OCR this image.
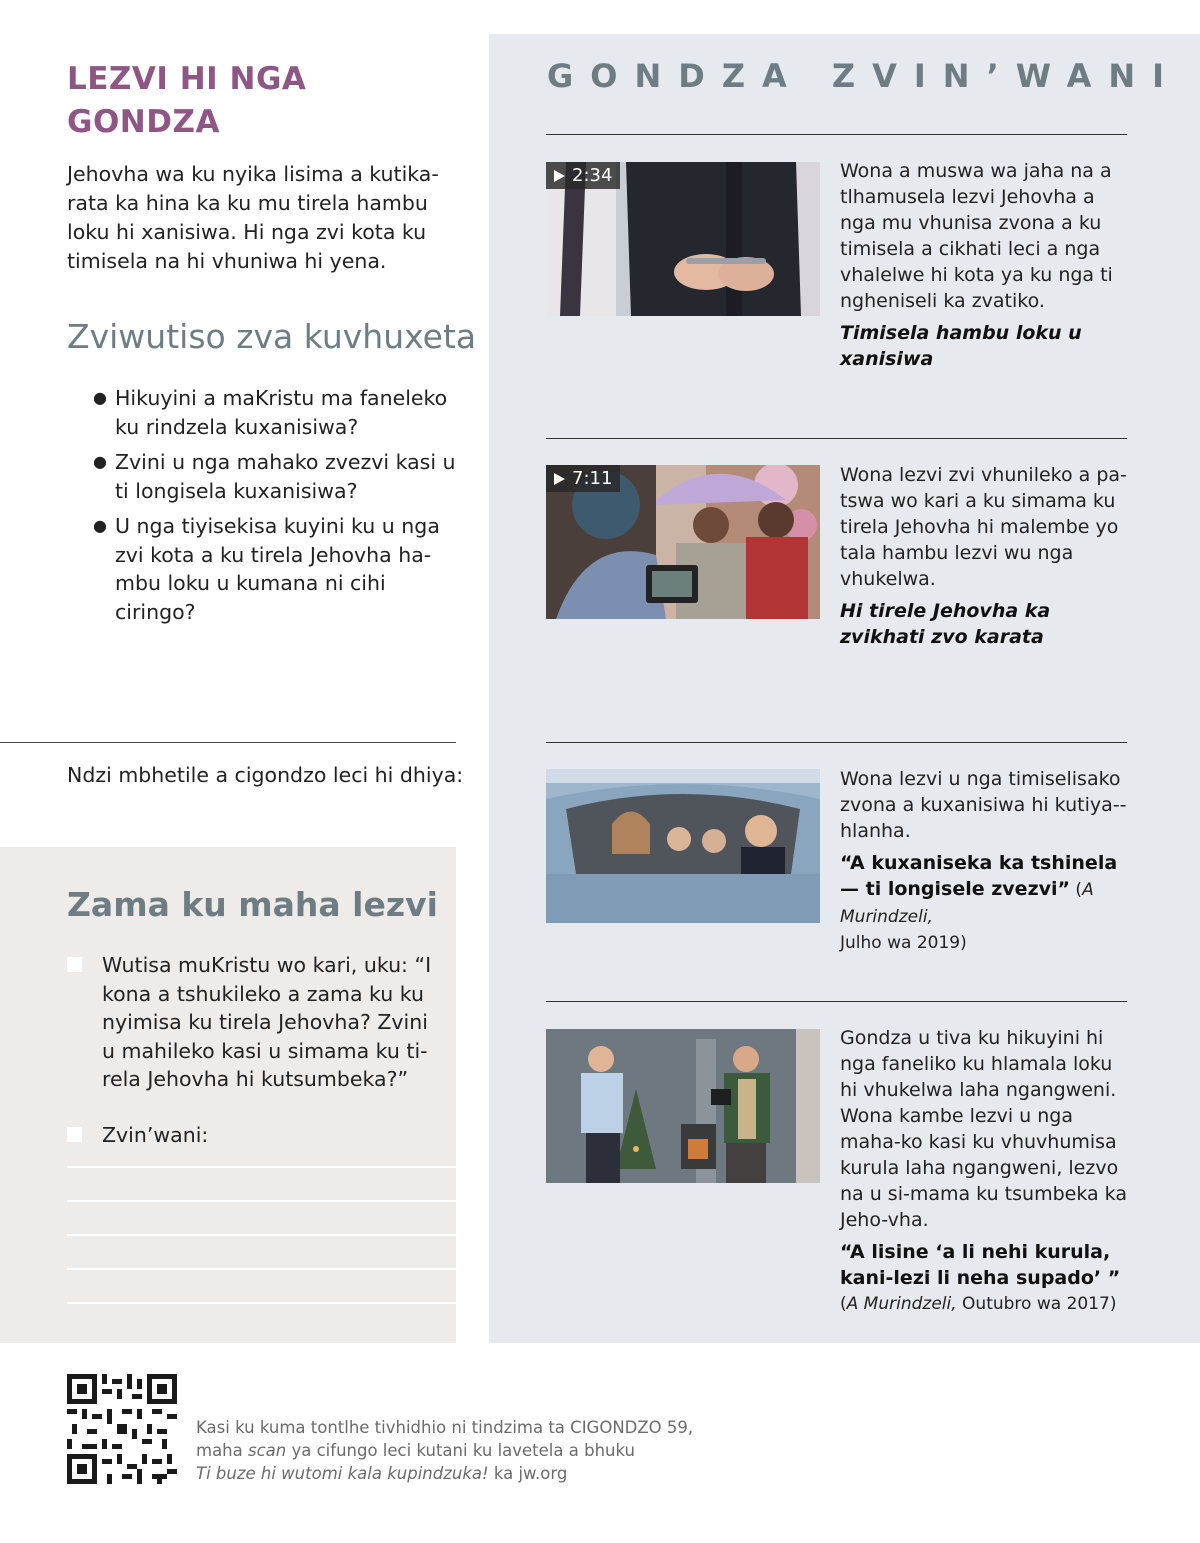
LEZVI HI NGA GONDZA

Jehovha wa ku nyika lisima a kutika-rata ka hina ka ku mu tirela hambu loku hi xanisiwa. Hi nga zvi kota ku timisela na hi vhuniwa hi yena.

Zviwutiso zva kuvhuxeta
● Hikuyini a maKristu ma faneleko ku rindzela kuxanisiwa?
● Zvini u nga mahako zvezvi kasi u ti longisela kuxanisiwa?
● U nga tiyisekisa kuyini ku u nga zvi kota a ku tirela Jehovha ha-mbu loku u kumana ni cihi ciringo?

Ndzi mbhetile a cigondzo leci hi dhiya:

Zama ku maha lezvi

Wutisa muKristu wo kari, uku: “I kona a tshukileko a zama ku ku nyimisa ku tirela Jehovha? Zvini u mahileko kasi u simama ku ti-rela Jehovha hi kutsumbeka?”

Zvin’wani:

GONDZA ZVIN’WANI
2:34	Wona a muswa wa jaha na a tlhamusela lezvi Jehovha a nga mu vhunisa zvona a ku timisela a cikhati leci a nga vhalelwe hi kota ya ku nga ti ngheniseli ka zvatiko.

Timisela hambu loku u xanisiwa

7:11	Wona lezvi zvi vhunileko a pa-tswa wo kari a ku simama ku tirela Jehovha hi malembe yo tala hambu lezvi wu nga vhukelwa.

Hi tirele Jehovha ka zvikhati zvo karata

Wona lezvi u nga timiselisako zvona a kuxanisiwa hi kutiya--hlanha.

“A kuxaniseka ka tshinela — ti longisele zvezvi” (A Murindzeli,

Julho wa 2019)

Gondza u tiva ku hikuyini hi nga faneliko ku hlamala loku hi vhukelwa laha ngangweni. Wona kambe lezvi u nga maha-ko kasi ku vhuvhumisa kurula laha ngangweni, lezvo na u si-mama ku tsumbeka ka Jeho-vha.

“A lisine ‘a li nehi kurula, kani-lezi li neha supado’ ”

(A Murindzeli, Outubro wa 2017)

Kasi ku kuma tontlhe tivhidhio ni tindzima ta CIGONDZO 59,

maha scan ya cifungo leci kutani ku lavetela a bhuku

Ti buze hi wutomi kala kupindzuka! ka jw.org
